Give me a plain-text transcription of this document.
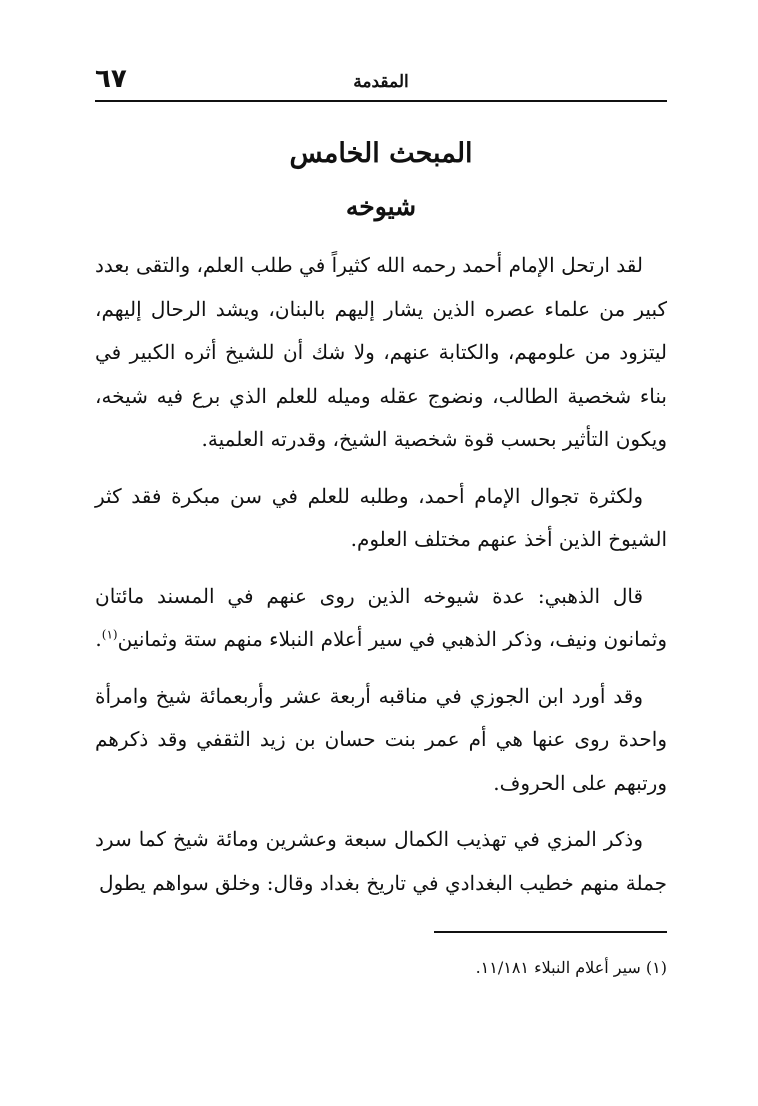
٦٧	المقدمة
المبحث الخامس
شيوخه

لقد ارتحل الإمام أحمد رحمه الله كثيراً في طلب العلم، والتقى بعدد كبير من علماء عصره الذين يشار إليهم بالبنان، ويشد الرحال إليهم، ليتزود من علومهم، والكتابة عنهم، ولا شك أن للشيخ أثره الكبير في بناء شخصية الطالب، ونضوج عقله وميله للعلم الذي برع فيه شيخه، ويكون التأثير بحسب قوة شخصية الشيخ، وقدرته العلمية.

ولكثرة تجوال الإمام أحمد، وطلبه للعلم في سن مبكرة فقد كثر الشيوخ الذين أخذ عنهم مختلف العلوم.

قال الذهبي: عدة شيوخه الذين روى عنهم في المسند مائتان وثمانون ونيف، وذكر الذهبي في سير أعلام النبلاء منهم ستة وثمانين$^{(١)}$.

وقد أورد ابن الجوزي في مناقبه أربعة عشر وأربعمائة شيخ وامرأة واحدة روى عنها هي أم عمر بنت حسان بن زيد الثقفي وقد ذكرهم ورتبهم على الحروف.

وذكر المزي في تهذيب الكمال سبعة وعشرين ومائة شيخ كما سرد جملة منهم خطيب البغدادي في تاريخ بغداد وقال: وخلق سواهم يطول

(١) سير أعلام النبلاء ١١/١٨١.
